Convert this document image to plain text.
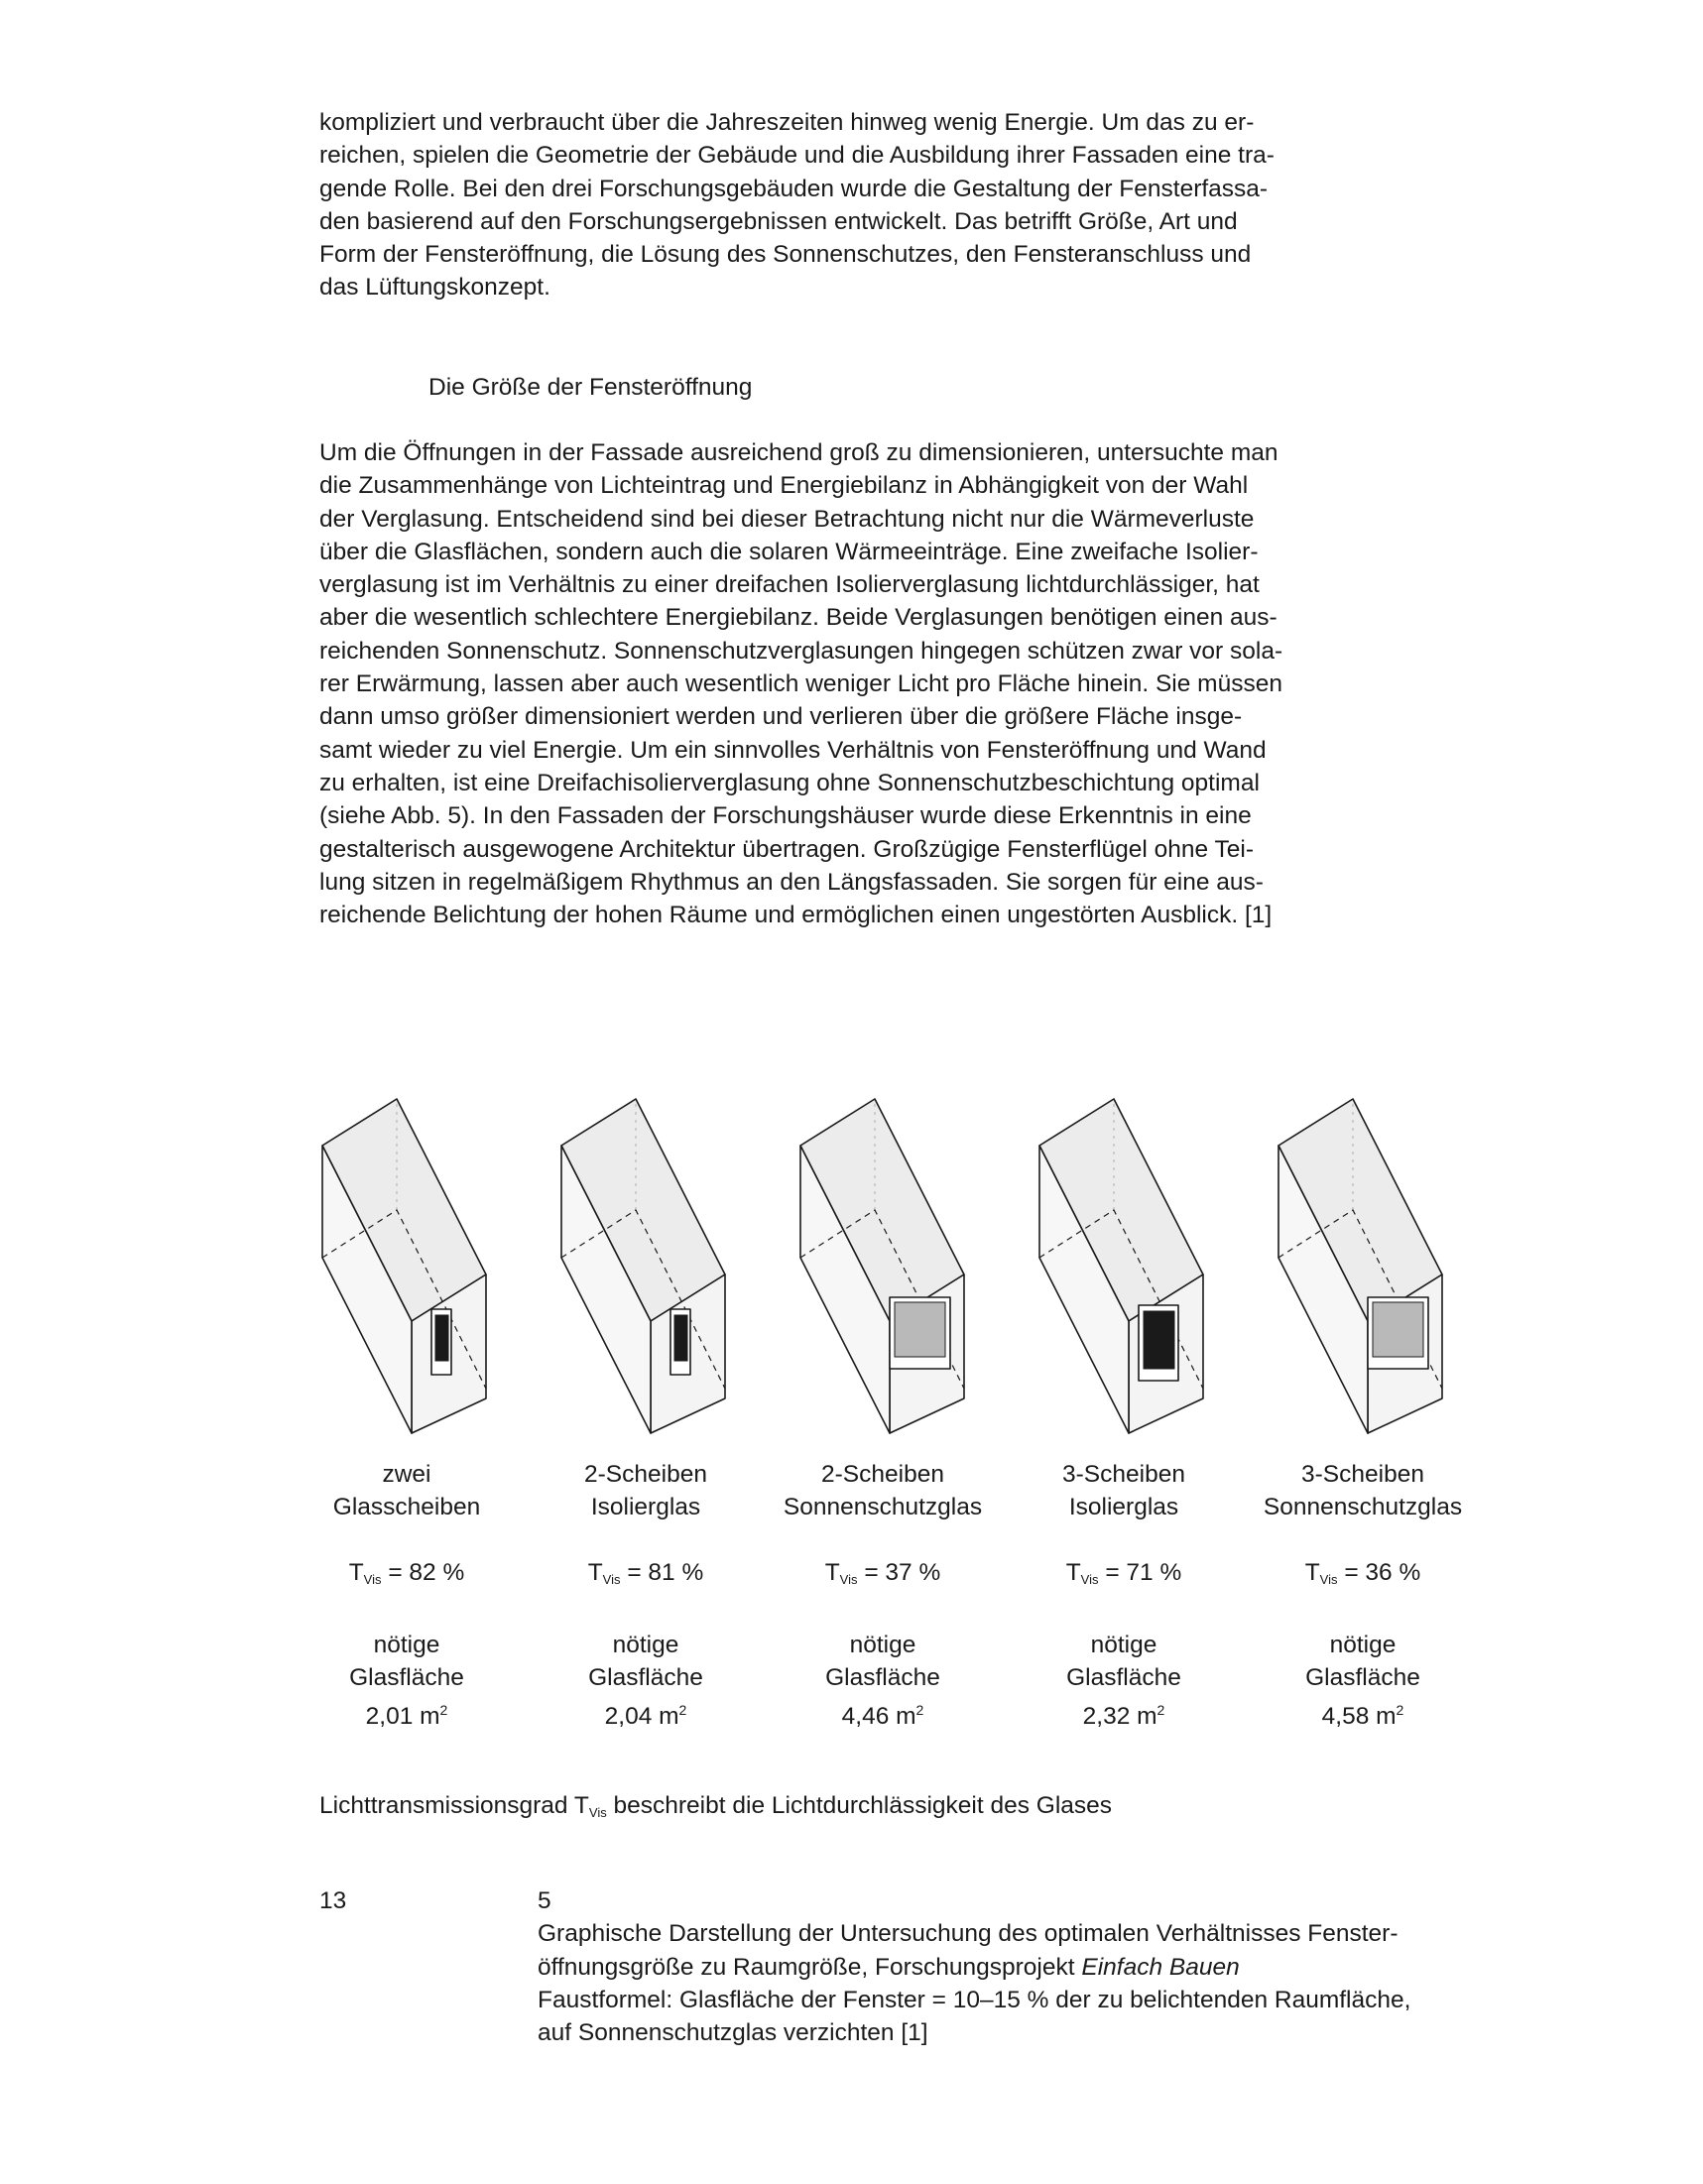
kompliziert und verbraucht über die Jahreszeiten hinweg wenig Energie. Um das zu er-
reichen, spielen die Geometrie der Gebäude und die Ausbildung ihrer Fassaden eine tra-
gende Rolle. Bei den drei Forschungsgebäuden wurde die Gestaltung der Fensterfassa-
den basierend auf den Forschungsergebnissen entwickelt. Das betrifft Größe, Art und
Form der Fensteröffnung, die Lösung des Sonnenschutzes, den Fensteranschluss und
das Lüftungskonzept.
Die Größe der Fensteröffnung
Um die Öffnungen in der Fassade ausreichend groß zu dimensionieren, untersuchte man
die Zusammenhänge von Lichteintrag und Energiebilanz in Abhängigkeit von der Wahl
der Verglasung. Entscheidend sind bei dieser Betrachtung nicht nur die Wärmeverluste
über die Glasflächen, sondern auch die solaren Wärmeeinträge. Eine zweifache Isolier-
verglasung ist im Verhältnis zu einer dreifachen Isolierverglasung lichtdurchlässiger, hat
aber die wesentlich schlechtere Energiebilanz. Beide Verglasungen benötigen einen aus-
reichenden Sonnenschutz. Sonnenschutzverglasungen hingegen schützen zwar vor sola-
rer Erwärmung, lassen aber auch wesentlich weniger Licht pro Fläche hinein. Sie müssen
dann umso größer dimensioniert werden und verlieren über die größere Fläche insge-
samt wieder zu viel Energie. Um ein sinnvolles Verhältnis von Fensteröffnung und Wand
zu erhalten, ist eine Dreifachisolierverglasung ohne Sonnenschutzbeschichtung optimal
(siehe Abb. 5). In den Fassaden der Forschungshäuser wurde diese Erkenntnis in eine
gestalterisch ausgewogene Architektur übertragen. Großzügige Fensterflügel ohne Tei-
lung sitzen in regelmäßigem Rhythmus an den Längsfassaden. Sie sorgen für eine aus-
reichende Belichtung der hohen Räume und ermöglichen einen ungestörten Ausblick. [1]
zwei
Glasscheiben
$T_{Vis} = 82$ %
nötige
Glasfläche
2,01 $m^2$
2-Scheiben
Isolierglas
$T_{Vis} = 81$ %
nötige
Glasfläche
2,04 $m^2$
2-Scheiben
Sonnenschutzglas
$T_{Vis} = 37$ %
nötige
Glasfläche
4,46 $m^2$
3-Scheiben
Isolierglas
$T_{Vis} = 71$ %
nötige
Glasfläche
2,32 $m^2$
3-Scheiben
Sonnenschutzglas
$T_{Vis} = 36$ %
nötige
Glasfläche
4,58 $m^2$
Lichttransmissionsgrad $T_{Vis}$ beschreibt die Lichtdurchlässigkeit des Glases
13	5
Graphische Darstellung der Untersuchung des optimalen Verhältnisses Fenster-
öffnungsgröße zu Raumgröße, Forschungsprojekt Einfach Bauen
Faustformel: Glasfläche der Fenster = 10–15 % der zu belichtenden Raumfläche,
auf Sonnenschutzglas verzichten [1]
